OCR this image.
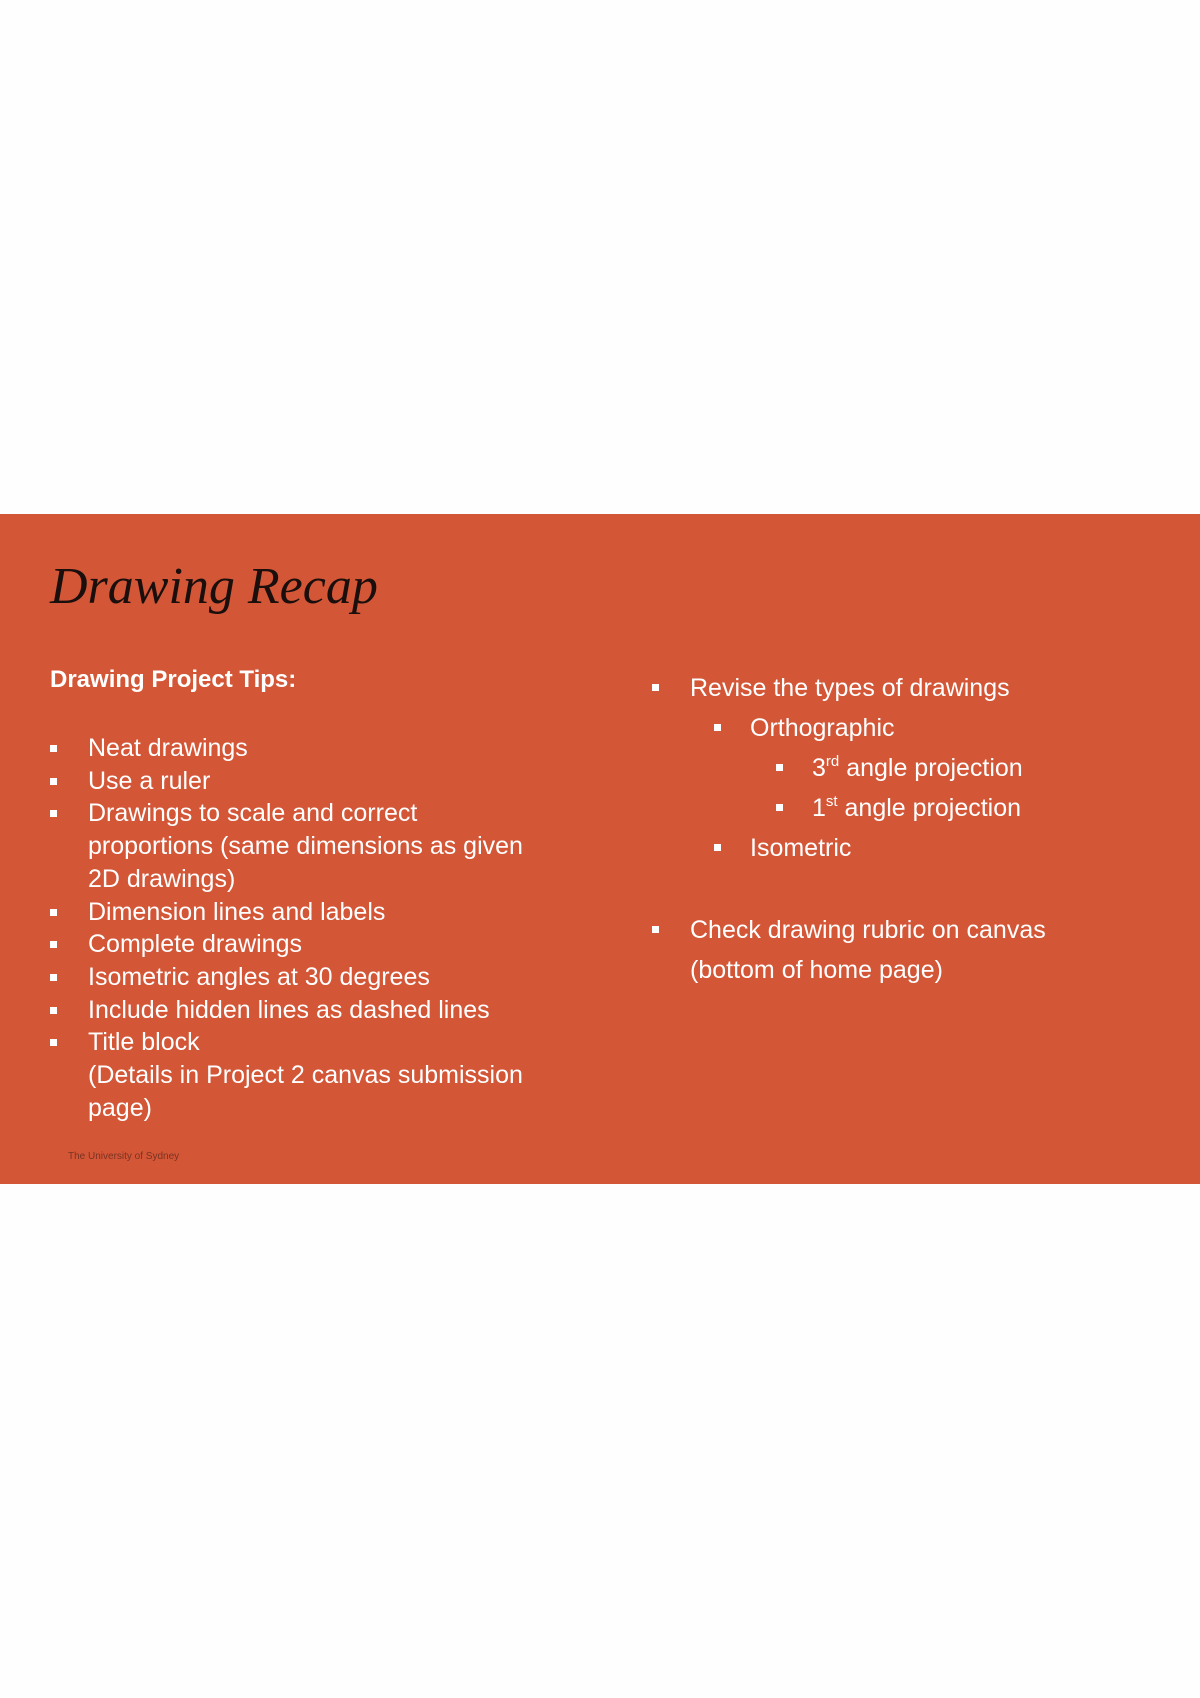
Drawing Recap
Drawing Project Tips:
Neat drawings
Use a ruler
Drawings to scale and correct
proportions (same dimensions as given
2D drawings)
Dimension lines and labels
Complete drawings
Isometric angles at 30 degrees
Include hidden lines as dashed lines
Title block
(Details in Project 2 canvas submission
page)
Revise the types of drawings
Orthographic
3rd angle projection
1st angle projection
Isometric
Check drawing rubric on canvas
(bottom of home page)
The University of Sydney
